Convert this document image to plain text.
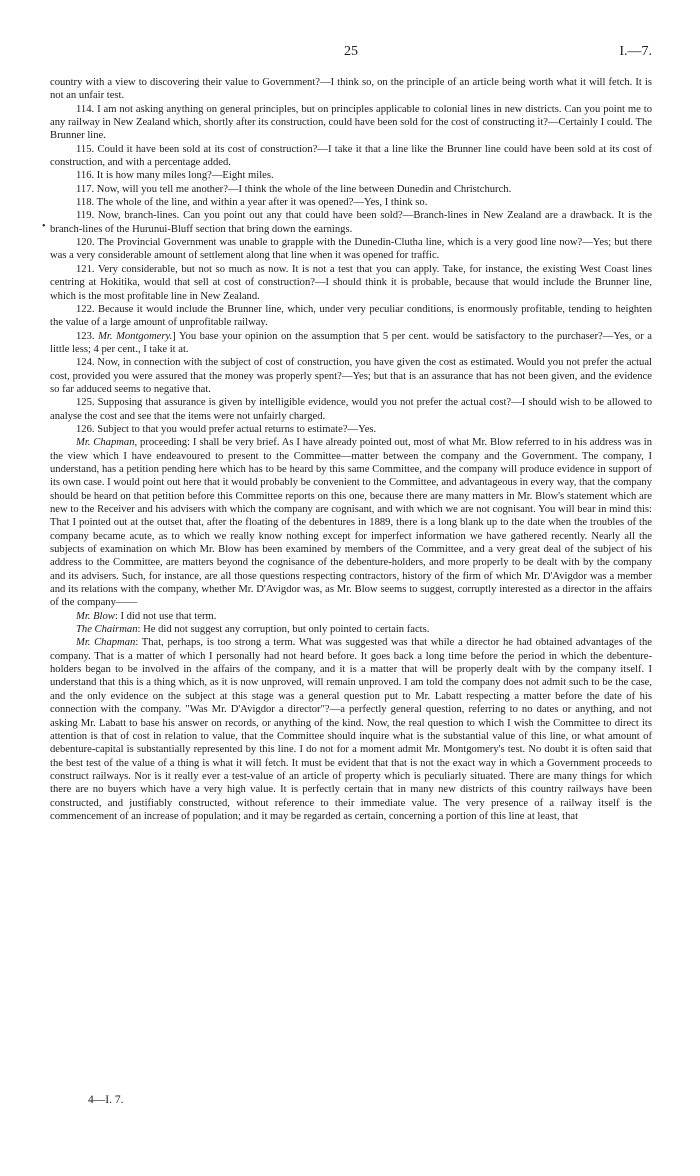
25	I.—7.

country with a view to discovering their value to Government?—I think so, on the principle of an article being worth what it will fetch. It is not an unfair test.

114. I am not asking anything on general principles, but on principles applicable to colonial lines in new districts. Can you point me to any railway in New Zealand which, shortly after its construction, could have been sold for the cost of constructing it?—Certainly I could. The Brunner line.

115. Could it have been sold at its cost of construction?—I take it that a line like the Brunner line could have been sold at its cost of construction, and with a percentage added.

116. It is how many miles long?—Eight miles.

117. Now, will you tell me another?—I think the whole of the line between Dunedin and Christchurch.

118. The whole of the line, and within a year after it was opened?—Yes, I think so.

119. Now, branch-lines. Can you point out any that could have been sold?—Branch-lines in New Zealand are a drawback. It is the branch-lines of the Hurunui-Bluff section that bring down the earnings.

120. The Provincial Government was unable to grapple with the Dunedin-Clutha line, which is a very good line now?—Yes; but there was a very considerable amount of settlement along that line when it was opened for traffic.

121. Very considerable, but not so much as now. It is not a test that you can apply. Take, for instance, the existing West Coast lines centring at Hokitika, would that sell at cost of construction?—I should think it is probable, because that would include the Brunner line, which is the most profitable line in New Zealand.

122. Because it would include the Brunner line, which, under very peculiar conditions, is enormously profitable, tending to heighten the value of a large amount of unprofitable railway.

123. Mr. Montgomery.] You base your opinion on the assumption that 5 per cent. would be satisfactory to the purchaser?—Yes, or a little less; 4 per cent., I take it at.

124. Now, in connection with the subject of cost of construction, you have given the cost as estimated. Would you not prefer the actual cost, provided you were assured that the money was properly spent?—Yes; but that is an assurance that has not been given, and the evidence so far adduced seems to negative that.

125. Supposing that assurance is given by intelligible evidence, would you not prefer the actual cost?—I should wish to be allowed to analyse the cost and see that the items were not unfairly charged.

126. Subject to that you would prefer actual returns to estimate?—Yes.

Mr. Chapman, proceeding: I shall be very brief. As I have already pointed out, most of what Mr. Blow referred to in his address was in the view which I have endeavoured to present to the Committee—matter between the company and the Government. The company, I understand, has a petition pending here which has to be heard by this same Committee, and the company will produce evidence in support of its own case. I would point out here that it would probably be convenient to the Committee, and advantageous in every way, that the company should be heard on that petition before this Committee reports on this one, because there are many matters in Mr. Blow's statement which are new to the Receiver and his advisers with which the company are cognisant, and with which we are not cognisant. You will bear in mind this: That I pointed out at the outset that, after the floating of the debentures in 1889, there is a long blank up to the date when the troubles of the company became acute, as to which we really know nothing except for imperfect information we have gathered recently. Nearly all the subjects of examination on which Mr. Blow has been examined by members of the Committee, and a very great deal of the subject of his address to the Committee, are matters beyond the cognisance of the debenture-holders, and more properly to be dealt with by the company and its advisers. Such, for instance, are all those questions respecting contractors, history of the firm of which Mr. D'Avigdor was a member and its relations with the company, whether Mr. D'Avigdor was, as Mr. Blow seems to suggest, corruptly interested as a director in the affairs of the company——

Mr. Blow: I did not use that term.

The Chairman: He did not suggest any corruption, but only pointed to certain facts.

Mr. Chapman: That, perhaps, is too strong a term. What was suggested was that while a director he had obtained advantages of the company. That is a matter of which I personally had not heard before. It goes back a long time before the period in which the debenture-holders began to be involved in the affairs of the company, and it is a matter that will be properly dealt with by the company itself. I understand that this is a thing which, as it is now unproved, will remain unproved. I am told the company does not admit such to be the case, and the only evidence on the subject at this stage was a general question put to Mr. Labatt respecting a matter before the date of his connection with the company. "Was Mr. D'Avigdor a director"?—a perfectly general question, referring to no dates or anything, and not asking Mr. Labatt to base his answer on records, or anything of the kind. Now, the real question to which I wish the Committee to direct its attention is that of cost in relation to value, that the Committee should inquire what is the substantial value of this line, or what amount of debenture-capital is substantially represented by this line. I do not for a moment admit Mr. Montgomery's test. No doubt it is often said that the best test of the value of a thing is what it will fetch. It must be evident that that is not the exact way in which a Government proceeds to construct railways. Nor is it really ever a test-value of an article of property which is peculiarly situated. There are many things for which there are no buyers which have a very high value. It is perfectly certain that in many new districts of this country railways have been constructed, and justifiably constructed, without reference to their immediate value. The very presence of a railway itself is the commencement of an increase of population; and it may be regarded as certain, concerning a portion of this line at least, that

•
4—I. 7.
